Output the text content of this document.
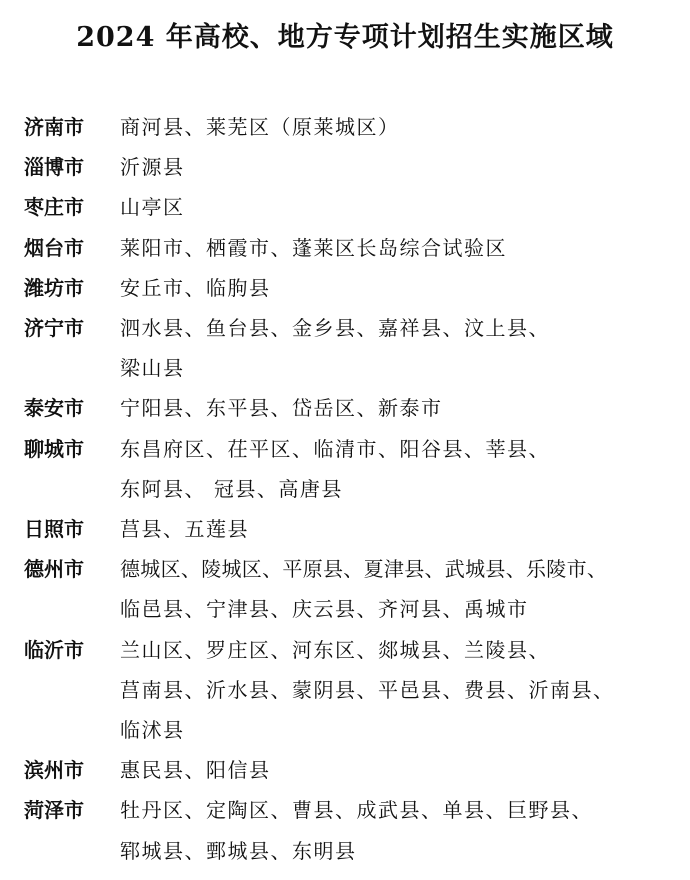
2024 年高校、地方专项计划招生实施区域
济南市	商河县、莱芜区（原莱城区）
淄博市	沂源县
枣庄市	山亭区
烟台市	莱阳市、栖霞市、蓬莱区长岛综合试验区
潍坊市	安丘市、临朐县
济宁市	泗水县、鱼台县、金乡县、嘉祥县、汶上县、
梁山县
泰安市	宁阳县、东平县、岱岳区、新泰市
聊城市	东昌府区、茌平区、临清市、阳谷县、莘县、
东阿县、 冠县、高唐县
日照市	莒县、五莲县
德州市	德城区、陵城区、平原县、夏津县、武城县、乐陵市、
临邑县、宁津县、庆云县、齐河县、禹城市
临沂市	兰山区、罗庄区、河东区、郯城县、兰陵县、
莒南县、沂水县、蒙阴县、平邑县、费县、沂南县、
临沭县
滨州市	惠民县、阳信县
菏泽市	牡丹区、定陶区、曹县、成武县、单县、巨野县、
郓城县、鄄城县、东明县
